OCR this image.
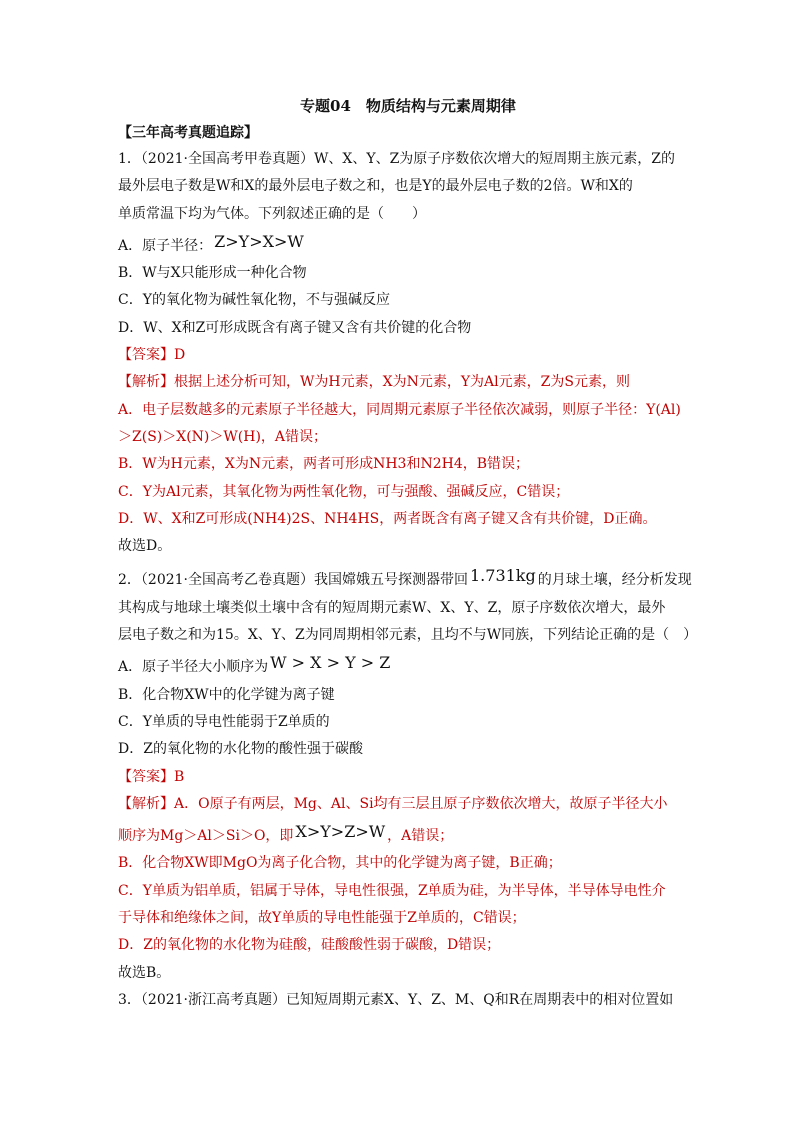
专题04　物质结构与元素周期律
【三年高考真题追踪】
1．（2021·全国高考甲卷真题）W、X、Y、Z为原子序数依次增大的短周期主族元素，Z的
最外层电子数是W和X的最外层电子数之和，也是Y的最外层电子数的2倍。W和X的
单质常温下均为气体。下列叙述正确的是（　　）
A．原子半径： Z>Y>X>W
B．W与X只能形成一种化合物
C．Y的氧化物为碱性氧化物，不与强碱反应
D．W、X和Z可形成既含有离子键又含有共价键的化合物
【答案】D
【解析】根据上述分析可知，W为H元素，X为N元素，Y为Al元素，Z为S元素，则
A．电子层数越多的元素原子半径越大，同周期元素原子半径依次减弱，则原子半径：Y(Al)
＞Z(S)＞X(N)＞W(H)，A错误；
B．W为H元素，X为N元素，两者可形成NH3和N2H4，B错误；
C．Y为Al元素，其氧化物为两性氧化物，可与强酸、强碱反应，C错误；
D．W、X和Z可形成(NH4)2S、NH4HS，两者既含有离子键又含有共价键，D正确。
故选D。
2．（2021·全国高考乙卷真题）我国嫦娥五号探测器带回 1.731kg 的月球土壤，经分析发现
其构成与地球土壤类似土壤中含有的短周期元素W、X、Y、Z，原子序数依次增大，最外
层电子数之和为15。X、Y、Z为同周期相邻元素，且均不与W同族，下列结论正确的是（　）
A．原子半径大小顺序为 W > X > Y > Z
B．化合物XW中的化学键为离子键
C．Y单质的导电性能弱于Z单质的
D．Z的氧化物的水化物的酸性强于碳酸
【答案】B
【解析】A．O原子有两层，Mg、Al、Si均有三层且原子序数依次增大，故原子半径大小
顺序为Mg＞Al＞Si＞O，即 X>Y>Z>W ，A错误；
B．化合物XW即MgO为离子化合物，其中的化学键为离子键，B正确；
C．Y单质为铝单质，铝属于导体，导电性很强，Z单质为硅，为半导体，半导体导电性介
于导体和绝缘体之间，故Y单质的导电性能强于Z单质的，C错误；
D．Z的氧化物的水化物为硅酸，硅酸酸性弱于碳酸，D错误；
故选B。
3．（2021·浙江高考真题）已知短周期元素X、Y、Z、M、Q和R在周期表中的相对位置如
